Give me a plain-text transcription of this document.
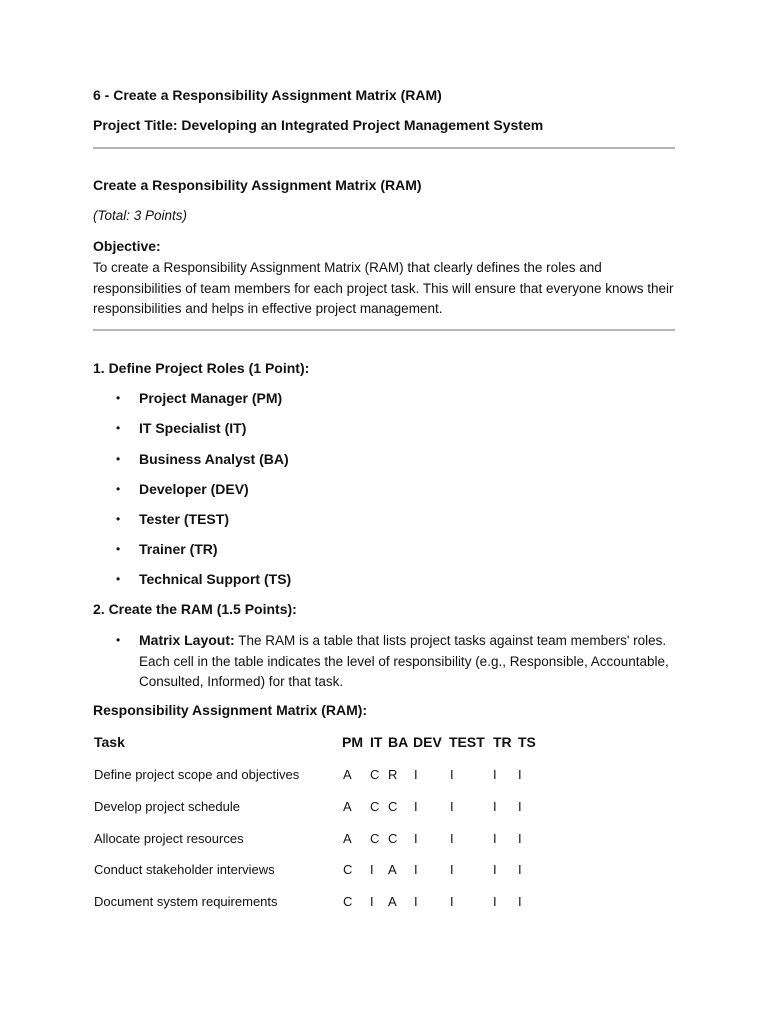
6 - Create a Responsibility Assignment Matrix (RAM)
Project Title: Developing an Integrated Project Management System
Create a Responsibility Assignment Matrix (RAM)
(Total: 3 Points)
Objective:
To create a Responsibility Assignment Matrix (RAM) that clearly defines the roles and responsibilities of team members for each project task. This will ensure that everyone knows their responsibilities and helps in effective project management.
1. Define Project Roles (1 Point):
• Project Manager (PM)
• IT Specialist (IT)
• Business Analyst (BA)
• Developer (DEV)
• Tester (TEST)
• Trainer (TR)
• Technical Support (TS)
2. Create the RAM (1.5 Points):
• Matrix Layout: The RAM is a table that lists project tasks against team members' roles. Each cell in the table indicates the level of responsibility (e.g., Responsible, Accountable, Consulted, Informed) for that task.
Responsibility Assignment Matrix (RAM):
Task	PM IT BA DEV TEST TR TS
Define project scope and objectives	A C R I I	I I
Develop project schedule	A C C I I	I I
Allocate project resources	A C C I I	I I
Conduct stakeholder interviews	C I A I I	I I
Document system requirements	C I A I I	I I
